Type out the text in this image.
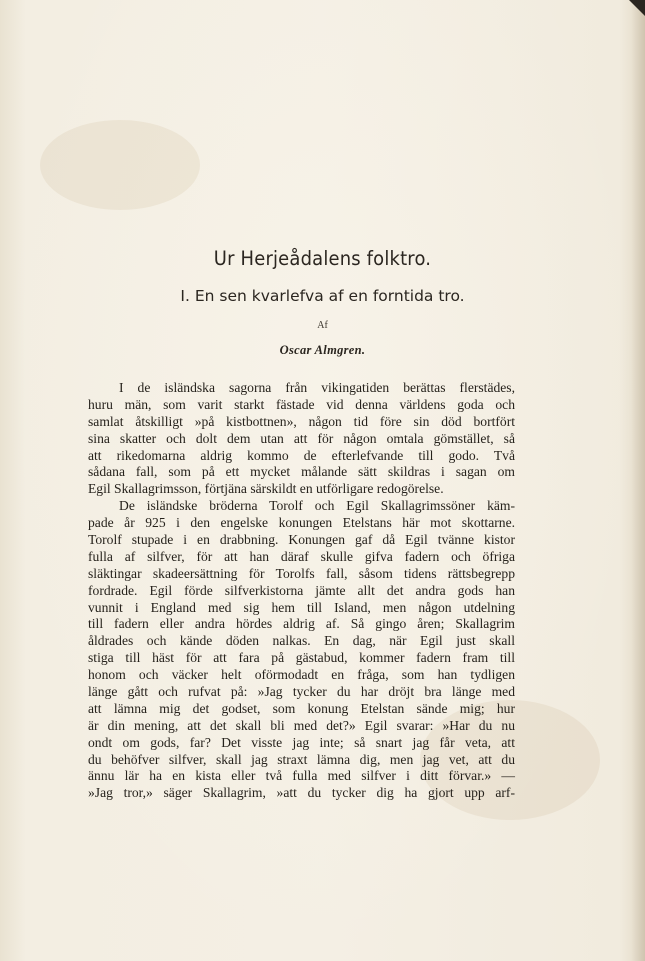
Ur Herjeådalens folktro.
I. En sen kvarlefva af en forntida tro.
Af
Oscar Almgren.
I de isländska sagorna från vikingatiden berättas flerstädes,
huru män, som varit starkt fästade vid denna världens goda och
samlat åtskilligt »på kistbottnen», någon tid före sin död bortfört
sina skatter och dolt dem utan att för någon omtala gömstället, så
att rikedomarna aldrig kommo de efterlefvande till godo. Två
sådana fall, som på ett mycket målande sätt skildras i sagan om
Egil Skallagrimsson, förtjäna särskildt en utförligare redogörelse.
De isländske bröderna Torolf och Egil Skallagrimssöner käm-
pade år 925 i den engelske konungen Etelstans här mot skottarne.
Torolf stupade i en drabbning. Konungen gaf då Egil tvänne kistor
fulla af silfver, för att han däraf skulle gifva fadern och öfriga
släktingar skadeersättning för Torolfs fall, såsom tidens rättsbegrepp
fordrade. Egil förde silfverkistorna jämte allt det andra gods han
vunnit i England med sig hem till Island, men någon utdelning
till fadern eller andra hördes aldrig af. Så gingo åren; Skallagrim
åldrades och kände döden nalkas. En dag, när Egil just skall
stiga till häst för att fara på gästabud, kommer fadern fram till
honom och väcker helt oförmodadt en fråga, som han tydligen
länge gått och rufvat på: »Jag tycker du har dröjt bra länge med
att lämna mig det godset, som konung Etelstan sände mig; hur
är din mening, att det skall bli med det?» Egil svarar: »Har du nu
ondt om gods, far? Det visste jag inte; så snart jag får veta, att
du behöfver silfver, skall jag straxt lämna dig, men jag vet, att du
ännu lär ha en kista eller två fulla med silfver i ditt förvar.» —
»Jag tror,» säger Skallagrim, »att du tycker dig ha gjort upp arf-
